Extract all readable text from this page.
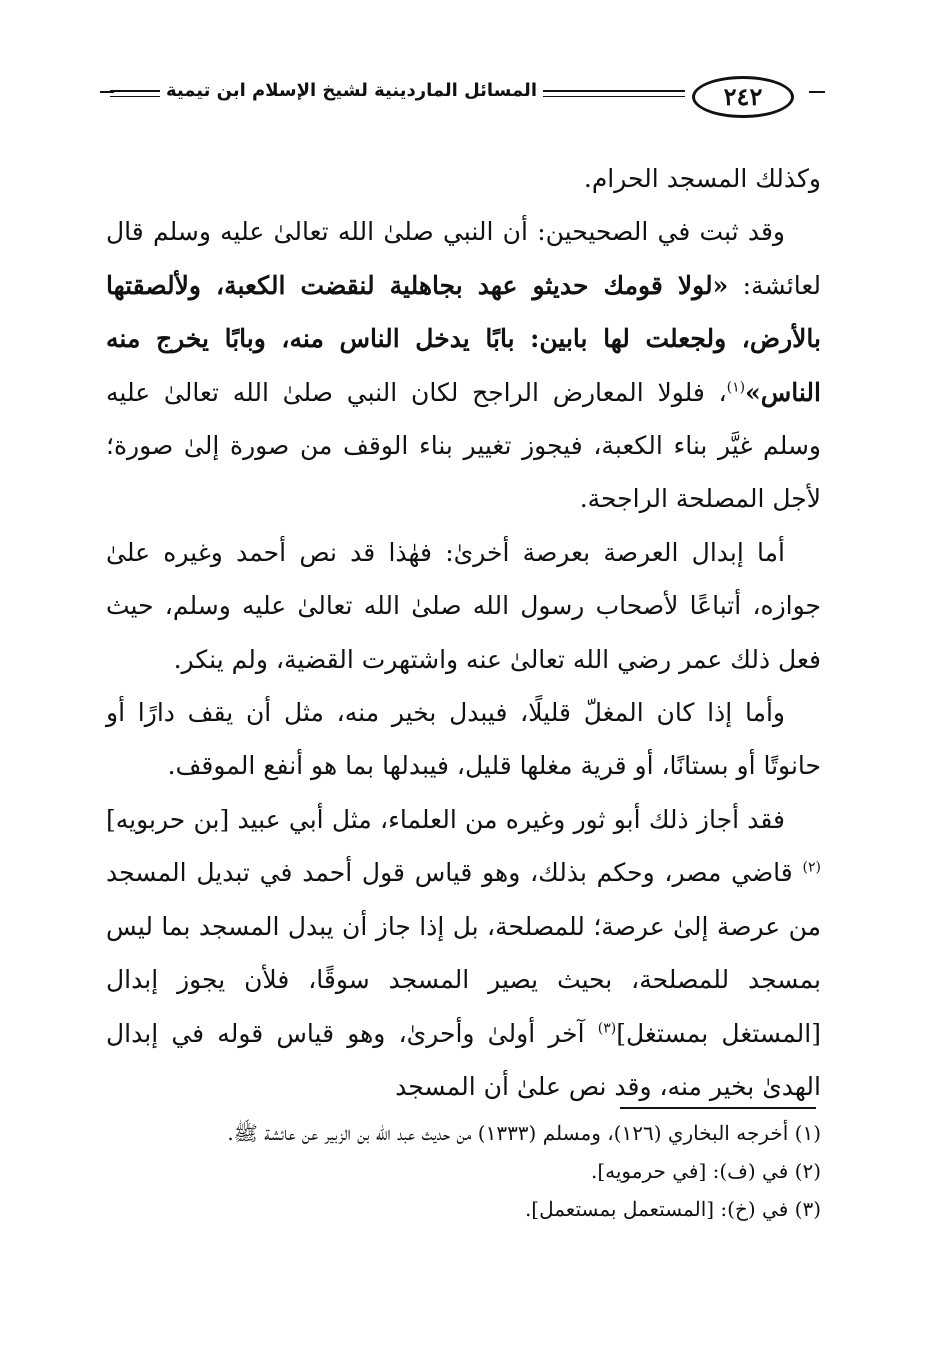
المسائل الماردينية لشيخ الإسلام ابن تيمية	٢٤٢

وكذلك المسجد الحرام.

وقد ثبت في الصحيحين: أن النبي صلىٰ الله تعالىٰ عليه وسلم قال لعائشة: «لولا قومك حديثو عهد بجاهلية لنقضت الكعبة، ولألصقتها بالأرض، ولجعلت لها بابين: بابًا يدخل الناس منه، وبابًا يخرج منه الناس»$^{(١)}$، فلولا المعارض الراجح لكان النبي صلىٰ الله تعالىٰ عليه وسلم غيَّر بناء الكعبة، فيجوز تغيير بناء الوقف من صورة إلىٰ صورة؛ لأجل المصلحة الراجحة.

أما إبدال العرصة بعرصة أخرىٰ: فهٰذا قد نص أحمد وغيره علىٰ جوازه، أتباعًا لأصحاب رسول الله صلىٰ الله تعالىٰ عليه وسلم، حيث فعل ذلك عمر رضي الله تعالىٰ عنه واشتهرت القضية، ولم ينكر.

وأما إذا كان المغلّ قليلًا، فيبدل بخير منه، مثل أن يقف دارًا أو حانوتًا أو بستانًا، أو قرية مغلها قليل، فيبدلها بما هو أنفع الموقف.

فقد أجاز ذلك أبو ثور وغيره من العلماء، مثل أبي عبيد [بن حربويه]$^{(٢)}$ قاضي مصر، وحكم بذلك، وهو قياس قول أحمد في تبديل المسجد من عرصة إلىٰ عرصة؛ للمصلحة، بل إذا جاز أن يبدل المسجد بما ليس بمسجد للمصلحة، بحيث يصير المسجد سوقًا، فلأن يجوز إبدال [المستغل بمستغل]$^{(٣)}$ آخر أولىٰ وأحرىٰ، وهو قياس قوله في إبدال الهدىٰ بخير منه، وقد نص علىٰ أن المسجد

(١) أخرجه البخاري (١٢٦)، ومسلم (١٣٣٣) من حديث عبد الله بن الزبير عن عائشة ﷺ.

(٢) في (ف): [في حرمويه].

(٣) في (خ): [المستعمل بمستعمل].
